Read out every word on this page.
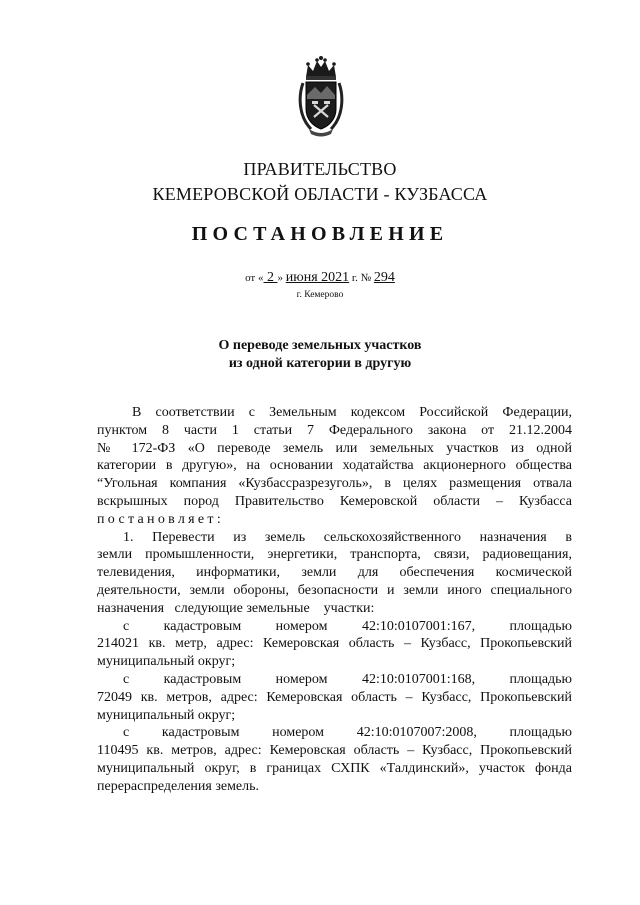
ПРАВИТЕЛЬСТВО
КЕМЕРОВСКОЙ ОБЛАСТИ - КУЗБАССА
ПОСТАНОВЛЕНИЕ
от « 2 » июня 2021 г. № 294
г. Кемерово
О переводе земельных участков
из одной категории в другую

В соответствии с Земельным кодексом Российской Федерации,

пунктом 8 части 1 статьи 7 Федерального закона от 21.12.2004

№ 172-ФЗ «О переводе земель или земельных участков из одной

категории в другую», на основании ходатайства акционерного общества

“Угольная компания «Кузбассразрезуголь», в целях размещения отвала

вскрышных пород Правительство Кемеровской области – Кузбасса

постановляет:

1. Перевести из земель сельскохозяйственного назначения в

земли промышленности, энергетики, транспорта, связи, радиовещания,

телевидения, информатики, земли для обеспечения космической

деятельности, земли обороны, безопасности и земли иного специального

назначения   следующие земельные    участки:

с кадастровым номером 42:10:0107001:167, площадью

214021 кв. метр, адрес: Кемеровская область – Кузбасс, Прокопьевский

муниципальный округ;

с кадастровым номером 42:10:0107001:168, площадью

72049 кв. метров, адрес: Кемеровская область – Кузбасс, Прокопьевский

муниципальный округ;

с кадастровым номером 42:10:0107007:2008, площадью

110495 кв. метров, адрес: Кемеровская область – Кузбасс, Прокопьевский

муниципальный округ, в границах СХПК «Талдинский», участок фонда

перераспределения земель.
